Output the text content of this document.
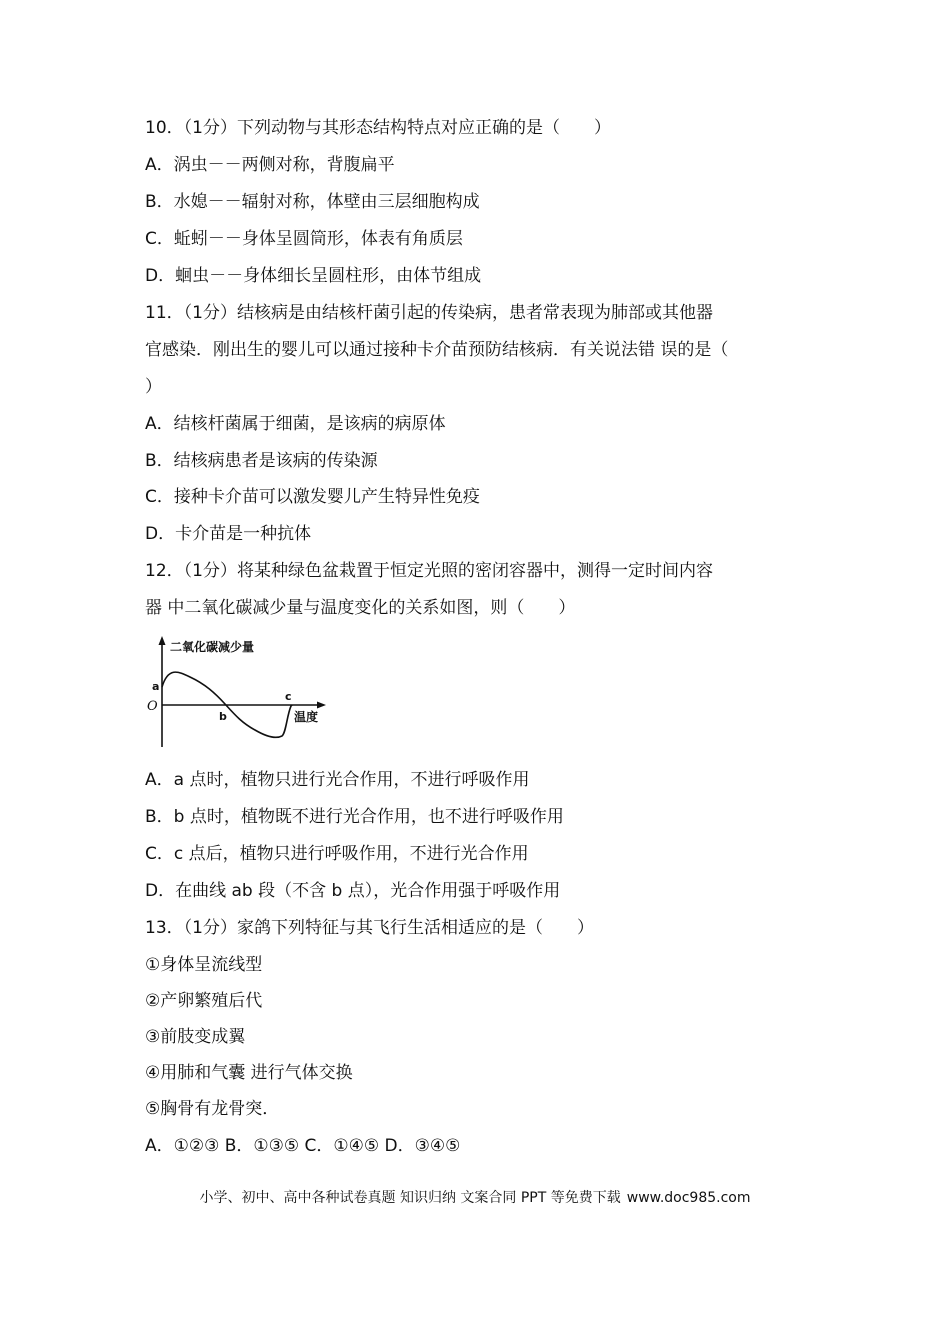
10．（1分）下列动物与其形态结构特点对应正确的是（　　）
A．涡虫－－两侧对称，背腹扁平
B．水媳－－辐射对称，体壁由三层细胞构成
C．蚯蚓－－身体呈圆筒形，体表有角质层
D．蛔虫－－身体细长呈圆柱形，由体节组成
11．（1分）结核病是由结核杆菌引起的传染病，患者常表现为肺部或其他器
官感染．刚出生的婴儿可以通过接种卡介苗预防结核病．有关说法错 误的是（
）
A．结核杆菌属于细菌，是该病的病原体
B．结核病患者是该病的传染源
C．接种卡介苗可以激发婴儿产生特异性免疫
D．卡介苗是一种抗体
12．（1分）将某种绿色盆栽置于恒定光照的密闭容器中，测得一定时间内容
器 中二氧化碳减少量与温度变化的关系如图，则（　　）
二氧化碳减少量
温度
O
a
b
c
A．a 点时，植物只进行光合作用，不进行呼吸作用
B．b 点时，植物既不进行光合作用，也不进行呼吸作用
C．c 点后，植物只进行呼吸作用，不进行光合作用
D．在曲线 ab 段（不含 b 点），光合作用强于呼吸作用
13．（1分）家鸽下列特征与其飞行生活相适应的是（　　）
①身体呈流线型
②产卵繁殖后代
③前肢变成翼
④用肺和气囊 进行气体交换
⑤胸骨有龙骨突．
A．①②③ B．①③⑤ C．①④⑤ D．③④⑤
小学、初中、高中各种试卷真题 知识归纳 文案合同 PPT 等免费下载 www.doc985.com
